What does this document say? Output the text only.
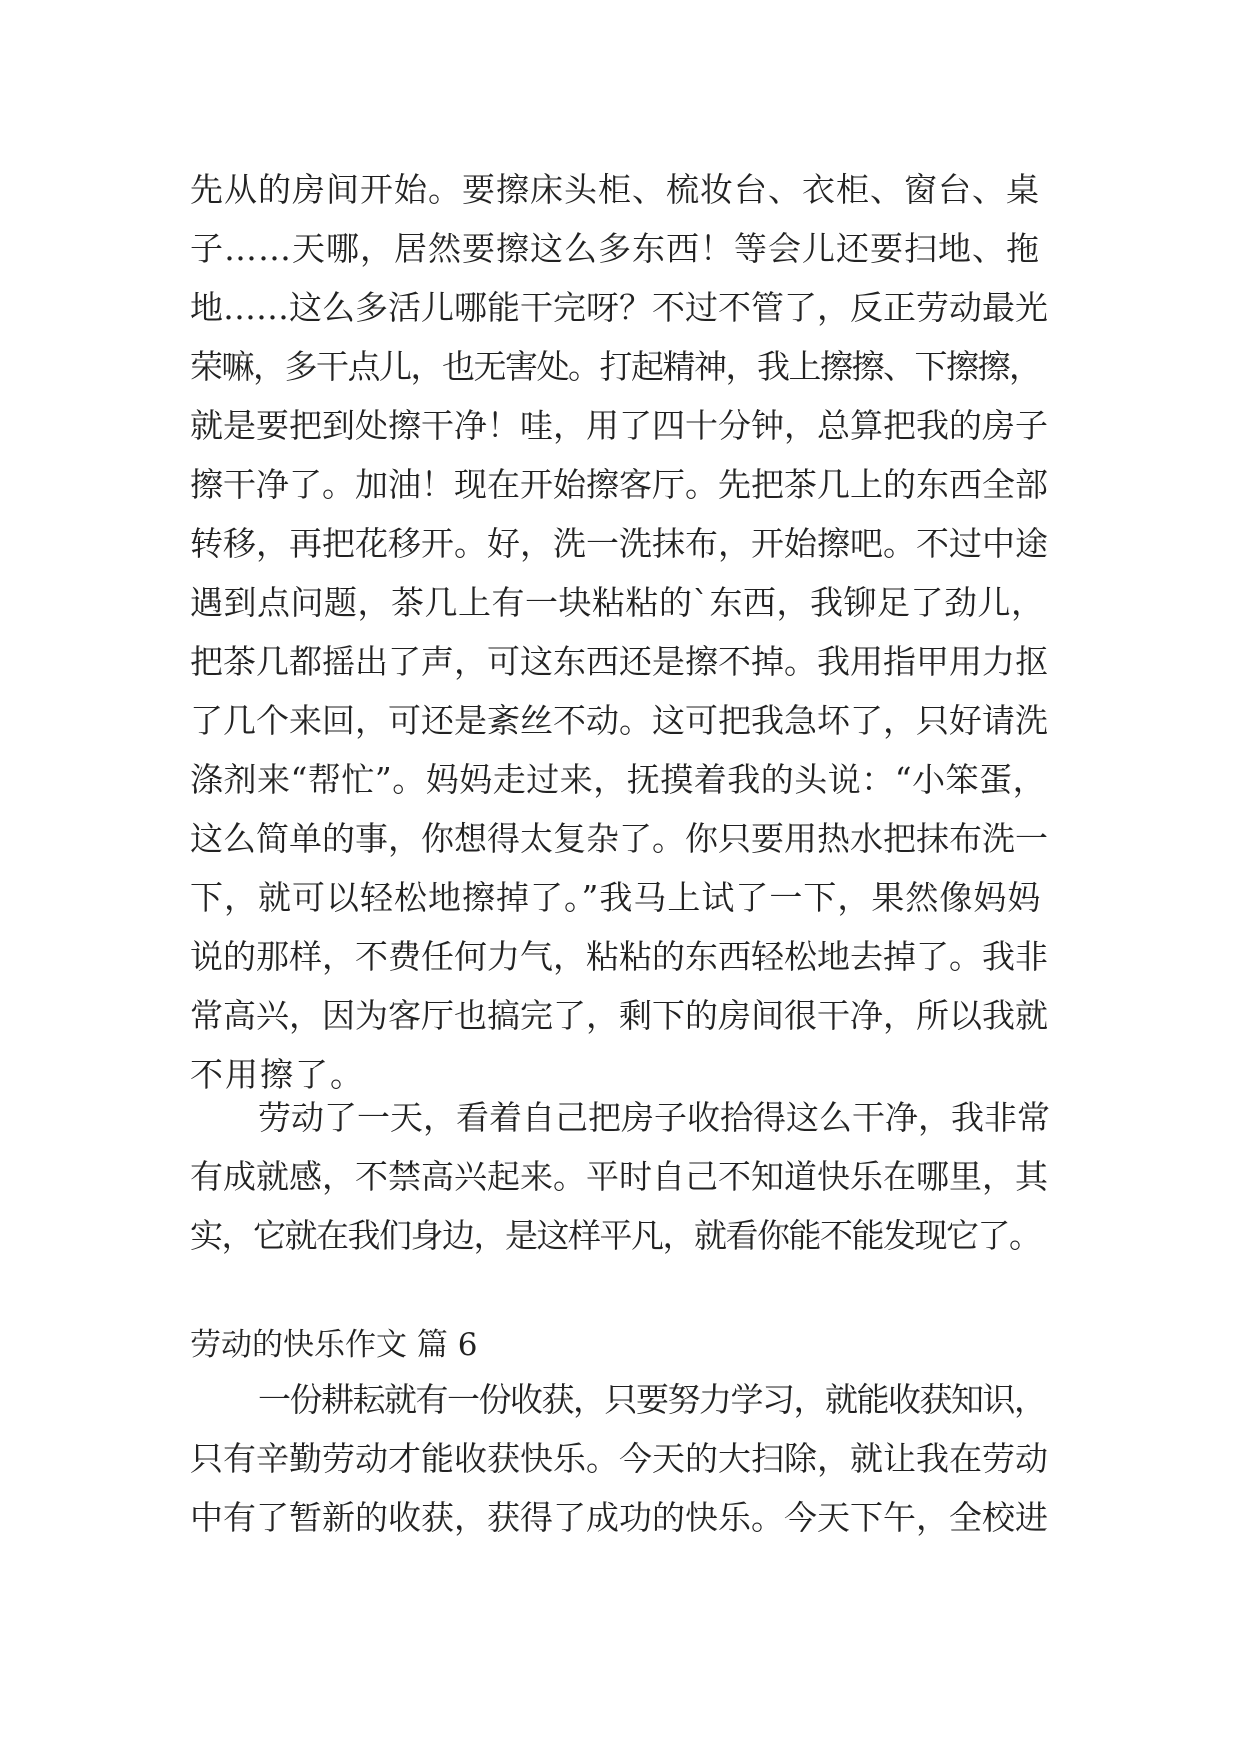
先从的房间开始。要擦床头柜、梳妆台、衣柜、窗台、桌
子……天哪，居然要擦这么多东西！等会儿还要扫地、拖
地……这么多活儿哪能干完呀？不过不管了，反正劳动最光
荣嘛，多干点儿，也无害处。打起精神，我上擦擦、下擦擦，
就是要把到处擦干净！哇，用了四十分钟，总算把我的房子
擦干净了。加油！现在开始擦客厅。先把茶几上的东西全部
转移，再把花移开。好，洗一洗抹布，开始擦吧。不过中途
遇到点问题，茶几上有一块粘粘的`东西，我铆足了劲儿，
把茶几都摇出了声，可这东西还是擦不掉。我用指甲用力抠
了几个来回，可还是紊丝不动。这可把我急坏了，只好请洗
涤剂来“帮忙”。妈妈走过来，抚摸着我的头说：“小笨蛋，
这么简单的事，你想得太复杂了。你只要用热水把抹布洗一
下，就可以轻松地擦掉了。”我马上试了一下，果然像妈妈
说的那样，不费任何力气，粘粘的东西轻松地去掉了。我非
常高兴，因为客厅也搞完了，剩下的房间很干净，所以我就
不用擦了。
劳动了一天，看着自己把房子收拾得这么干净，我非常
有成就感，不禁高兴起来。平时自己不知道快乐在哪里，其
实，它就在我们身边，是这样平凡，就看你能不能发现它了。
劳动的快乐作文 篇 6
一份耕耘就有一份收获，只要努力学习，就能收获知识，
只有辛勤劳动才能收获快乐。今天的大扫除，就让我在劳动
中有了暂新的收获，获得了成功的快乐。今天下午，全校进
